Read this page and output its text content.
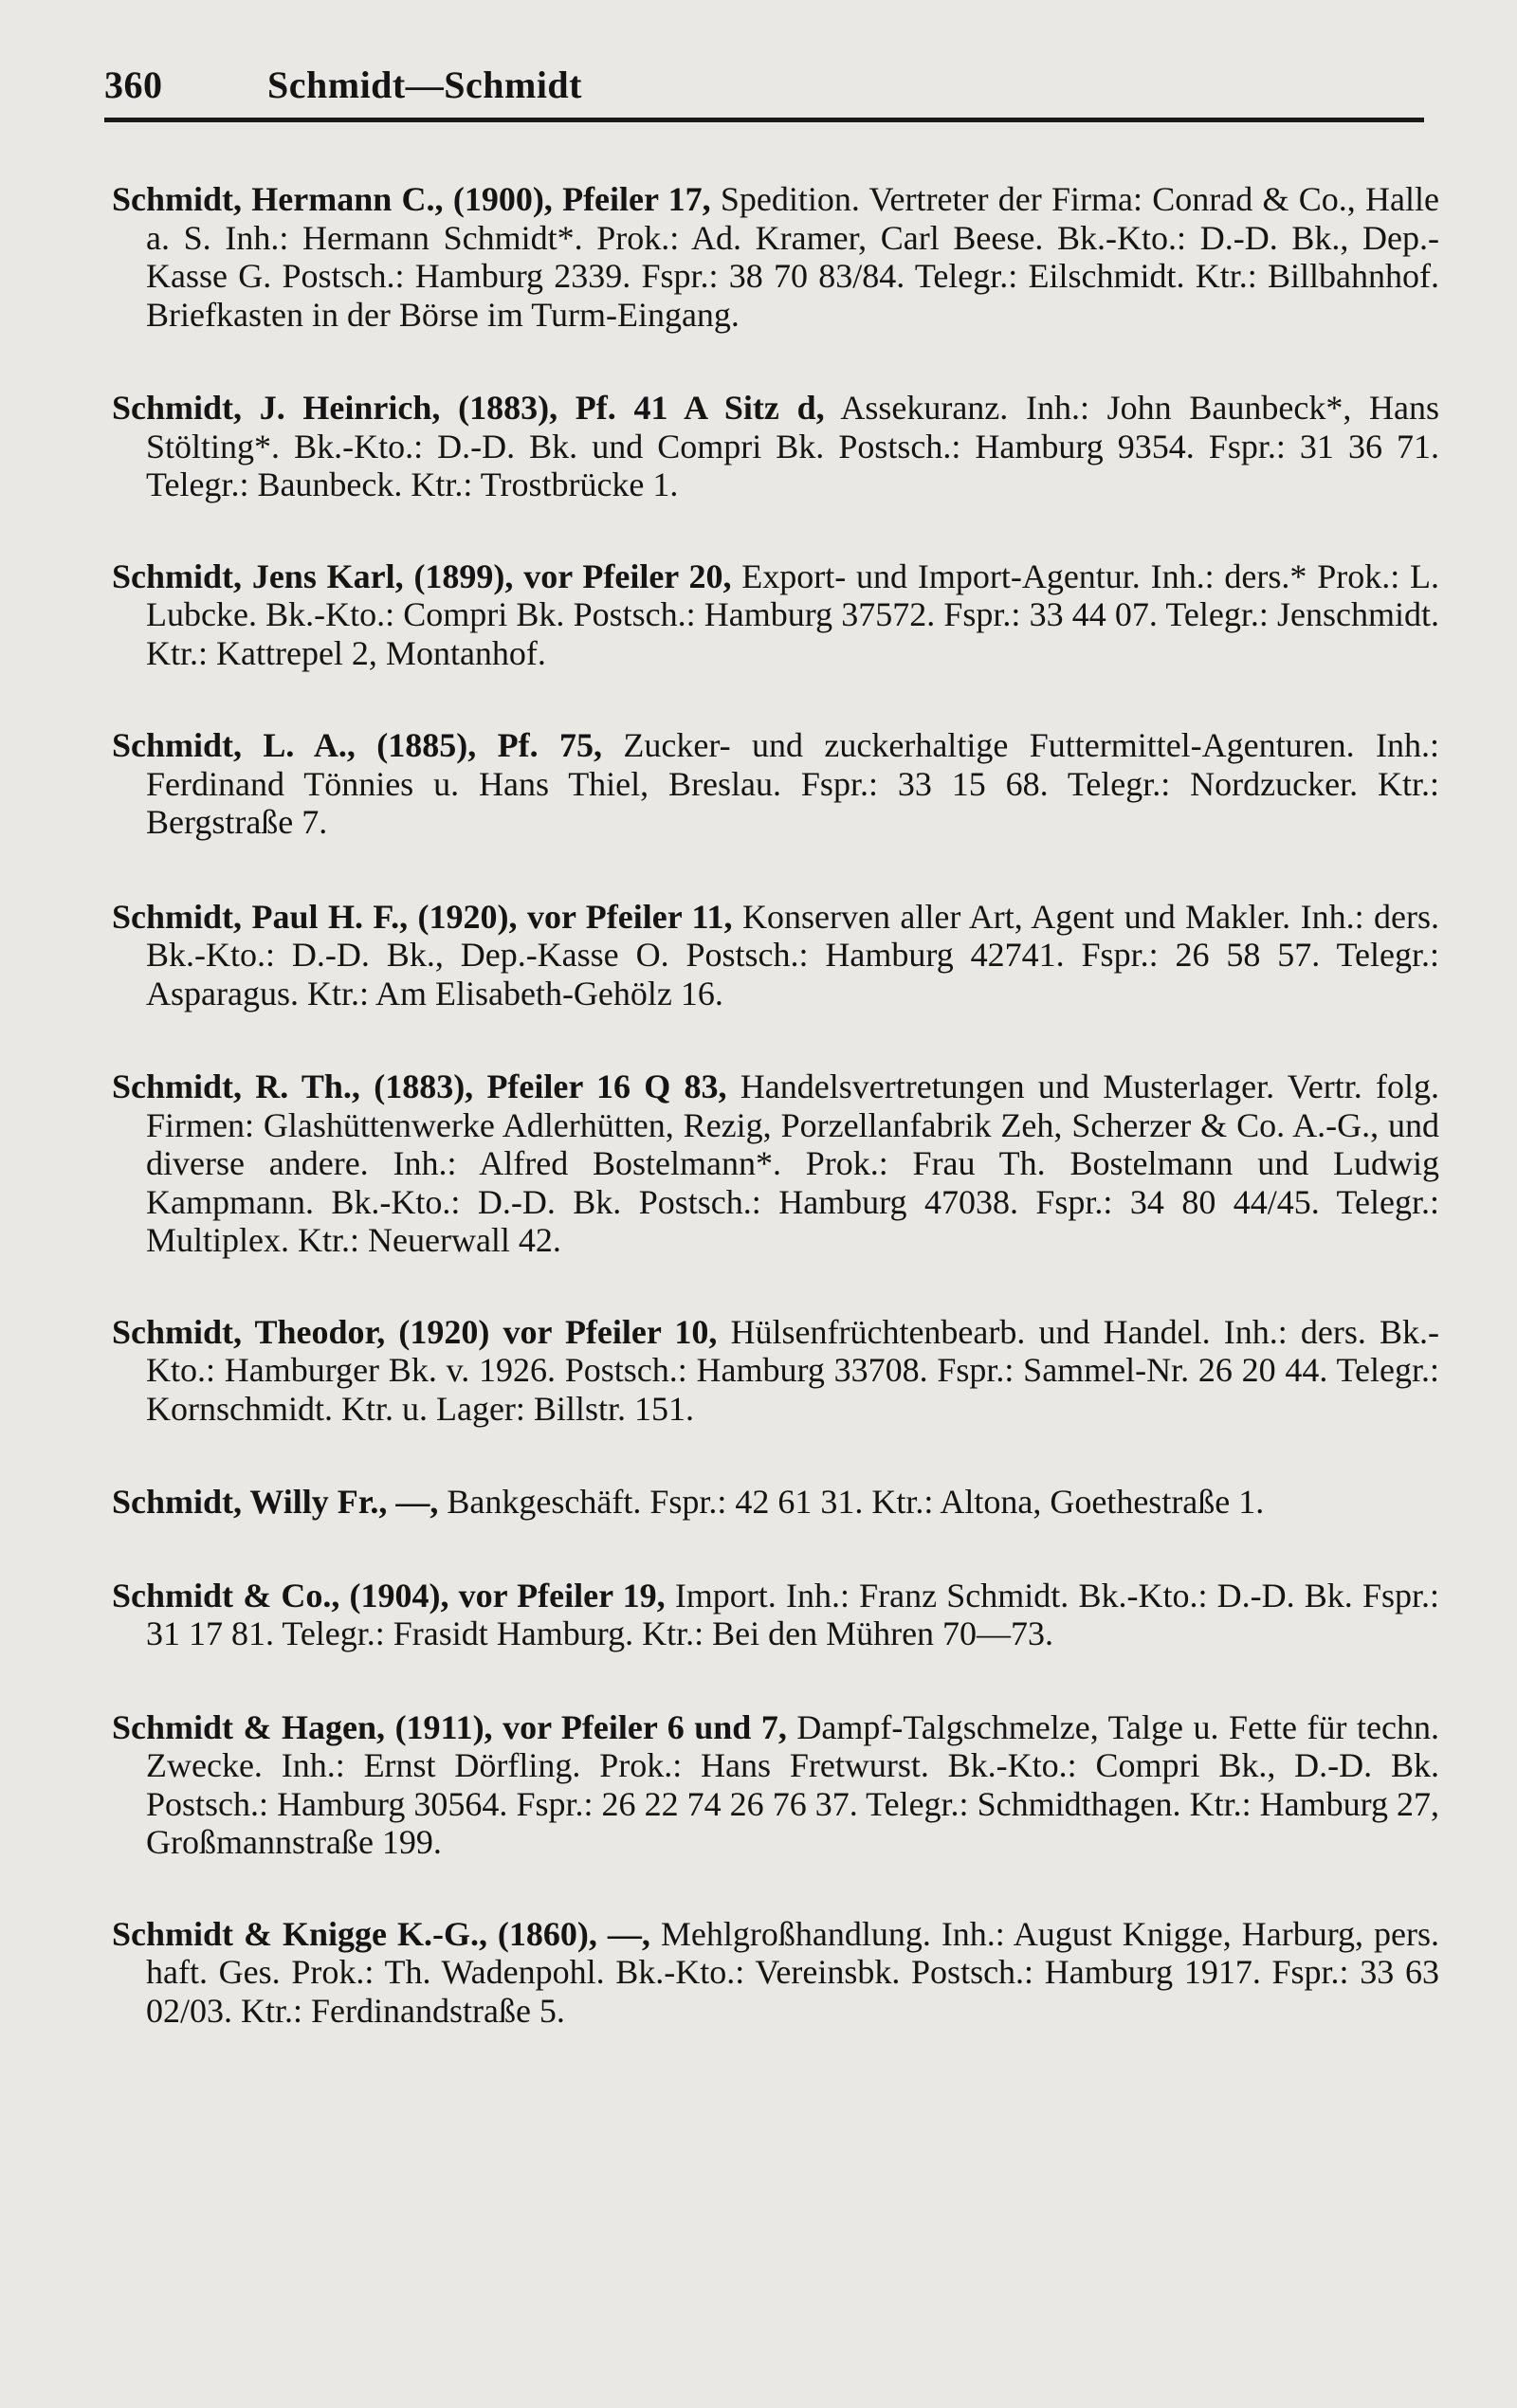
360	Schmidt—Schmidt

Schmidt, Hermann C., (1900), Pfeiler 17, Spedition. Vertreter der Firma: Conrad & Co., Halle a. S. Inh.: Hermann Schmidt*. Prok.: Ad. Kramer, Carl Beese. Bk.-Kto.: D.-D. Bk., Dep.-Kasse G. Postsch.: Hamburg 2339. Fspr.: 38 70 83/84. Telegr.: Eilschmidt. Ktr.: Billbahnhof. Briefkasten in der Börse im Turm-Eingang.

Schmidt, J. Heinrich, (1883), Pf. 41 A Sitz d, Assekuranz. Inh.: John Baunbeck*, Hans Stölting*. Bk.-Kto.: D.-D. Bk. und Compri Bk. Postsch.: Hamburg 9354. Fspr.: 31 36 71. Telegr.: Baunbeck. Ktr.: Trostbrücke 1.

Schmidt, Jens Karl, (1899), vor Pfeiler 20, Export- und Import-Agentur. Inh.: ders.* Prok.: L. Lubcke. Bk.-Kto.: Compri Bk. Postsch.: Hamburg 37572. Fspr.: 33 44 07. Telegr.: Jenschmidt. Ktr.: Kattrepel 2, Montanhof.

Schmidt, L. A., (1885), Pf. 75, Zucker- und zuckerhaltige Futtermittel-Agenturen. Inh.: Ferdinand Tönnies u. Hans Thiel, Breslau. Fspr.: 33 15 68. Telegr.: Nordzucker. Ktr.: Bergstraße 7.

Schmidt, Paul H. F., (1920), vor Pfeiler 11, Konserven aller Art, Agent und Makler. Inh.: ders. Bk.-Kto.: D.-D. Bk., Dep.-Kasse O. Postsch.: Hamburg 42741. Fspr.: 26 58 57. Telegr.: Asparagus. Ktr.: Am Elisabeth-Gehölz 16.

Schmidt, R. Th., (1883), Pfeiler 16 Q 83, Handelsvertretungen und Musterlager. Vertr. folg. Firmen: Glashüttenwerke Adlerhütten, Rezig, Porzellanfabrik Zeh, Scherzer & Co. A.-G., und diverse andere. Inh.: Alfred Bostelmann*. Prok.: Frau Th. Bostelmann und Ludwig Kampmann. Bk.-Kto.: D.-D. Bk. Postsch.: Hamburg 47038. Fspr.: 34 80 44/45. Telegr.: Multiplex. Ktr.: Neuerwall 42.

Schmidt, Theodor, (1920) vor Pfeiler 10, Hülsenfrüchtenbearb. und Handel. Inh.: ders. Bk.-Kto.: Hamburger Bk. v. 1926. Postsch.: Hamburg 33708. Fspr.: Sammel-Nr. 26 20 44. Telegr.: Kornschmidt. Ktr. u. Lager: Billstr. 151.

Schmidt, Willy Fr., —, Bankgeschäft. Fspr.: 42 61 31. Ktr.: Altona, Goethestraße 1.

Schmidt & Co., (1904), vor Pfeiler 19, Import. Inh.: Franz Schmidt. Bk.-Kto.: D.-D. Bk. Fspr.: 31 17 81. Telegr.: Frasidt Hamburg. Ktr.: Bei den Mühren 70—73.

Schmidt & Hagen, (1911), vor Pfeiler 6 und 7, Dampf-Talgschmelze, Talge u. Fette für techn. Zwecke. Inh.: Ernst Dörfling. Prok.: Hans Fretwurst. Bk.-Kto.: Compri Bk., D.-D. Bk. Postsch.: Hamburg 30564. Fspr.: 26 22 74 26 76 37. Telegr.: Schmidthagen. Ktr.: Hamburg 27, Großmannstraße 199.

Schmidt & Knigge K.-G., (1860), —, Mehlgroßhandlung. Inh.: August Knigge, Harburg, pers. haft. Ges. Prok.: Th. Wadenpohl. Bk.-Kto.: Vereinsbk. Postsch.: Hamburg 1917. Fspr.: 33 63 02/03. Ktr.: Ferdinandstraße 5.
